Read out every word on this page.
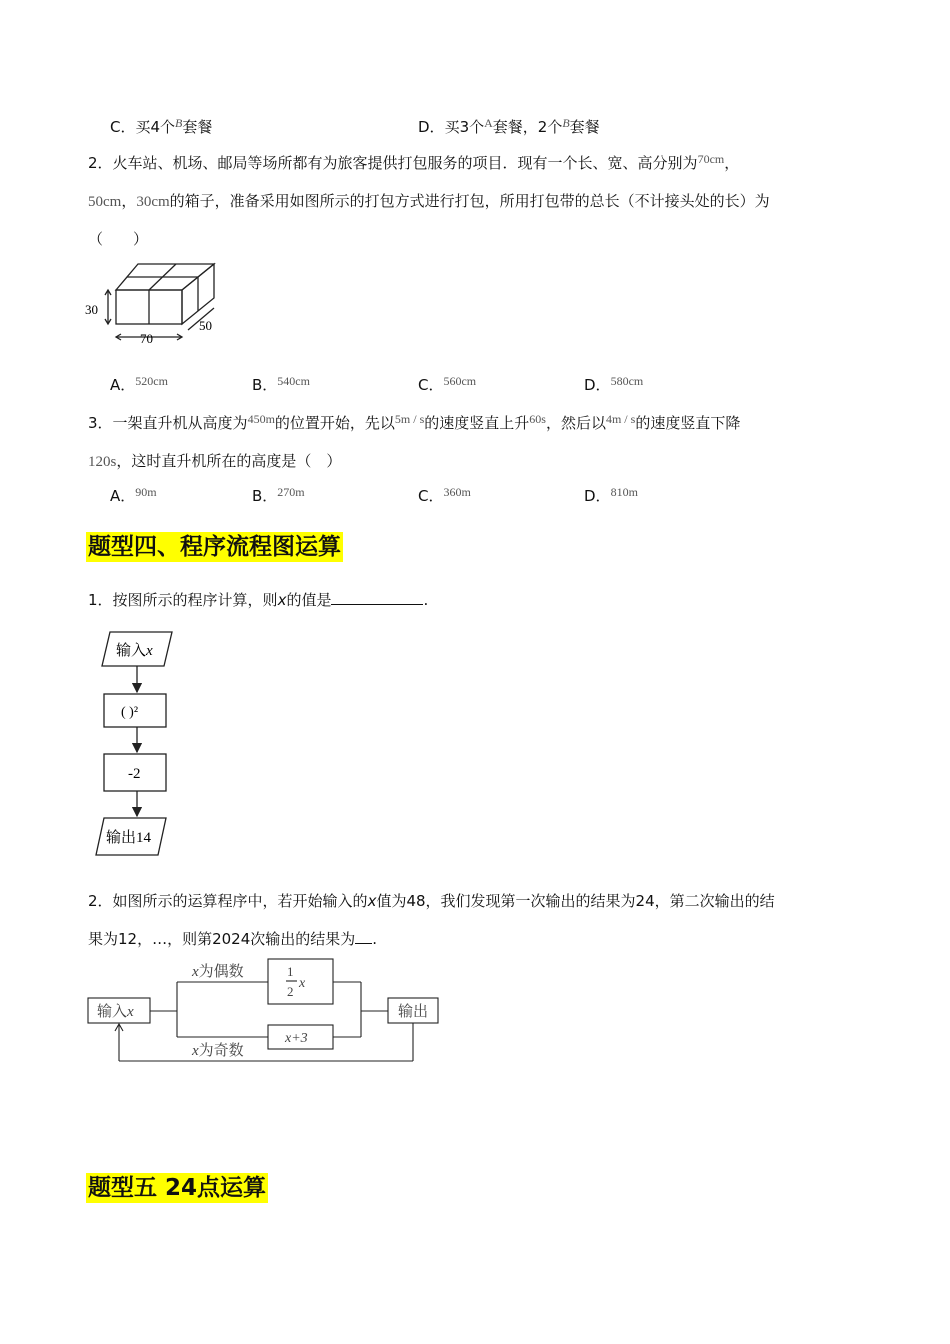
C．买4个$^B$套餐	D．买3个$^A$套餐，2个$^B$套餐
2．火车站、机场、邮局等场所都有为旅客提供打包服务的项目．现有一个长、宽、高分别为$^{70cm}$，
50cm，30cm的箱子，准备采用如图所示的打包方式进行打包，所用打包带的总长（不计接头处的长）为
（　　）
30
70
50
A．$^{520cm}$	B．$^{540cm}$	C．$^{560cm}$	D．$^{580cm}$
3．一架直升机从高度为$^{450m}$的位置开始，先以$^{5m / s}$的速度竖直上升$^{60s}$，然后以$^{4m / s}$的速度竖直下降
120s，这时直升机所在的高度是（　）
A．$^{90m}$	B．$^{270m}$	C．$^{360m}$	D．$^{810m}$
题型四、程序流程图运算
1．按图所示的程序计算，则x的值是	.
输入x
( )²
-2
输出14
2．如图所示的运算程序中，若开始输入的x值为48，我们发现第一次输出的结果为24，第二次输出的结
果为12，…，则第2024次输出的结果为 .
输入x
x为偶数	1
2
x
x+3
输出
x为奇数
题型五 24点运算
